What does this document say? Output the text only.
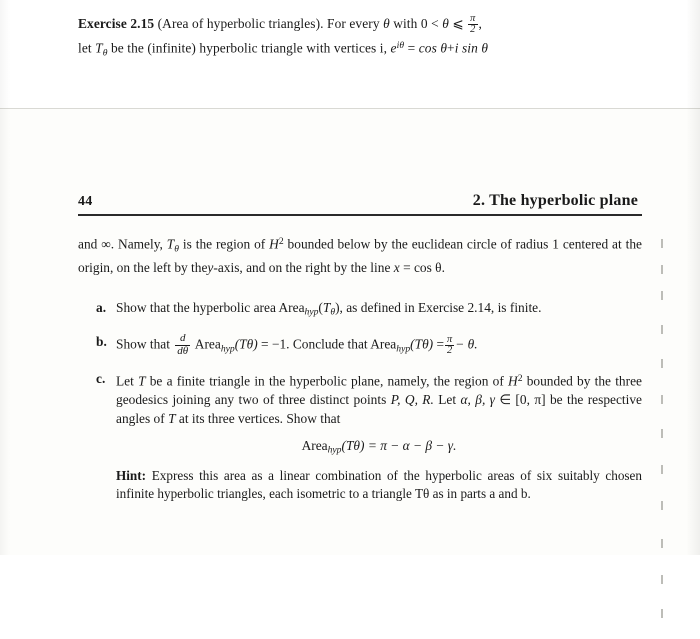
Exercise 2.15 (Area of hyperbolic triangles). For every θ with 0 < θ ⩽ $\frac{\pi}{2}$ ,
let $T_\theta$ be the (infinite) hyperbolic triangle with vertices i, $e^{i\theta} = \cos \theta+i$ sin θ
44	2. The hyperbolic plane
and ∞. Namely, $T_\theta$ is the region of $H^2$ bounded below by the euclidean circle of radius 1 centered at the origin, on the left by they-axis, and on the right by the line x = cos θ.
a. Show that the hyperbolic area $Area_{hyp}(T_\theta)$, as defined in Exercise 2.14, is finite.
b. Show that $\frac{d}{d\theta}$ Area$_{hyp}$(Tθ) = −1. Conclude that Area$_{hyp}$(Tθ) = $\frac{\pi}{2} - \theta$.
c. Let T be a finite triangle in the hyperbolic plane, namely, the region of $H^2$ bounded by the three geodesics joining any two of three distinct points P, Q, R. Let α, β, γ ∈ [0, π] be the respective angles of T at its three vertices. Show that
Area$_{hyp}$(Tθ) = π − α − β − γ.
Hint: Express this area as a linear combination of the hyperbolic areas of six suitably chosen infinite hyperbolic triangles, each isometric to a triangle Tθ as in parts a and b.
